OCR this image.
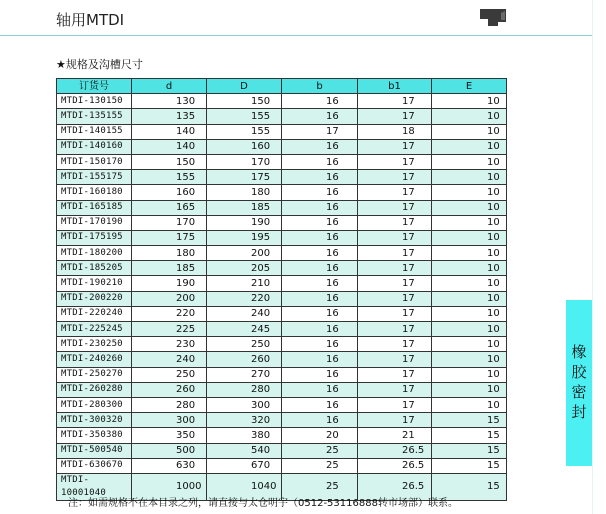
轴用MTDI
★规格及沟槽尺寸
订货号	d	D	b	b1	E
MTDI-130150	130	150	16	17	10
MTDI-135155	135	155	16	17	10
MTDI-140155	140	155	17	18	10
MTDI-140160	140	160	16	17	10
MTDI-150170	150	170	16	17	10
MTDI-155175	155	175	16	17	10
MTDI-160180	160	180	16	17	10
MTDI-165185	165	185	16	17	10
MTDI-170190	170	190	16	17	10
MTDI-175195	175	195	16	17	10
MTDI-180200	180	200	16	17	10
MTDI-185205	185	205	16	17	10
MTDI-190210	190	210	16	17	10
MTDI-200220	200	220	16	17	10
MTDI-220240	220	240	16	17	10
MTDI-225245	225	245	16	17	10
MTDI-230250	230	250	16	17	10
MTDI-240260	240	260	16	17	10
MTDI-250270	250	270	16	17	10
MTDI-260280	260	280	16	17	10
MTDI-280300	280	300	16	17	10
MTDI-300320	300	320	16	17	15
MTDI-350380	350	380	20	21	15
MTDI-500540	500	540	25	26.5	15
MTDI-630670	630	670	25	26.5	15
MTDI-10001040	1000	1040	25	26.5	15
橡胶密封
注：如需规格不在本目录之列，请直接与太仓明宇（0512-53116888转市场部）联系。
